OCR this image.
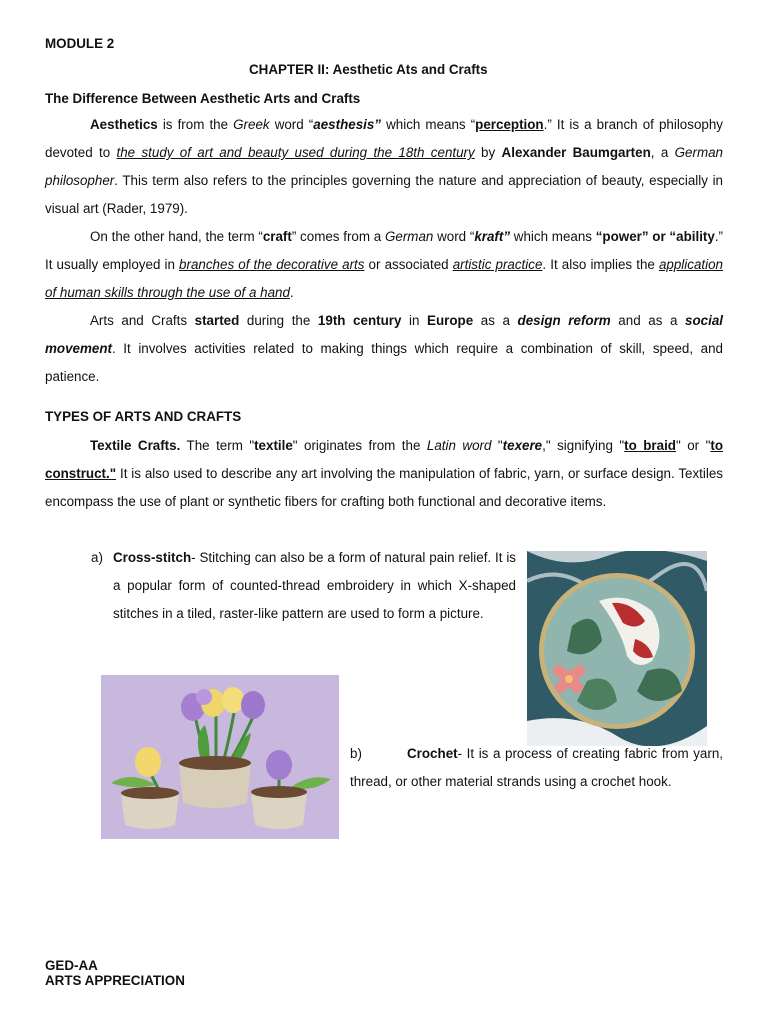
MODULE 2
CHAPTER II: Aesthetic Ats and Crafts
The Difference Between Aesthetic Arts and Crafts
Aesthetics is from the Greek word “aesthesis” which means “perception.” It is a branch of philosophy devoted to the study of art and beauty used during the 18th century by Alexander Baumgarten, a German philosopher. This term also refers to the principles governing the nature and appreciation of beauty, especially in visual art (Rader, 1979).
On the other hand, the term “craft” comes from a German word “kraft” which means “power” or “ability.” It usually employed in branches of the decorative arts or associated artistic practice. It also implies the application of human skills through the use of a hand.
Arts and Crafts started during the 19th century in Europe as a design reform and as a social movement. It involves activities related to making things which require a combination of skill, speed, and patience.
TYPES OF ARTS AND CRAFTS
Textile Crafts. The term "textile" originates from the Latin word "texere," signifying "to braid" or "to construct." It is also used to describe any art involving the manipulation of fabric, yarn, or surface design. Textiles encompass the use of plant or synthetic fibers for crafting both functional and decorative items.
a) Cross-stitch- Stitching can also be a form of natural pain relief. It is a popular form of counted-thread embroidery in which X-shaped stitches in a tiled, raster-like pattern are used to form a picture.
b)	Crochet- It is a process of creating fabric from yarn, thread, or other material strands using a crochet hook.
GED-AA
ARTS APPRECIATION
